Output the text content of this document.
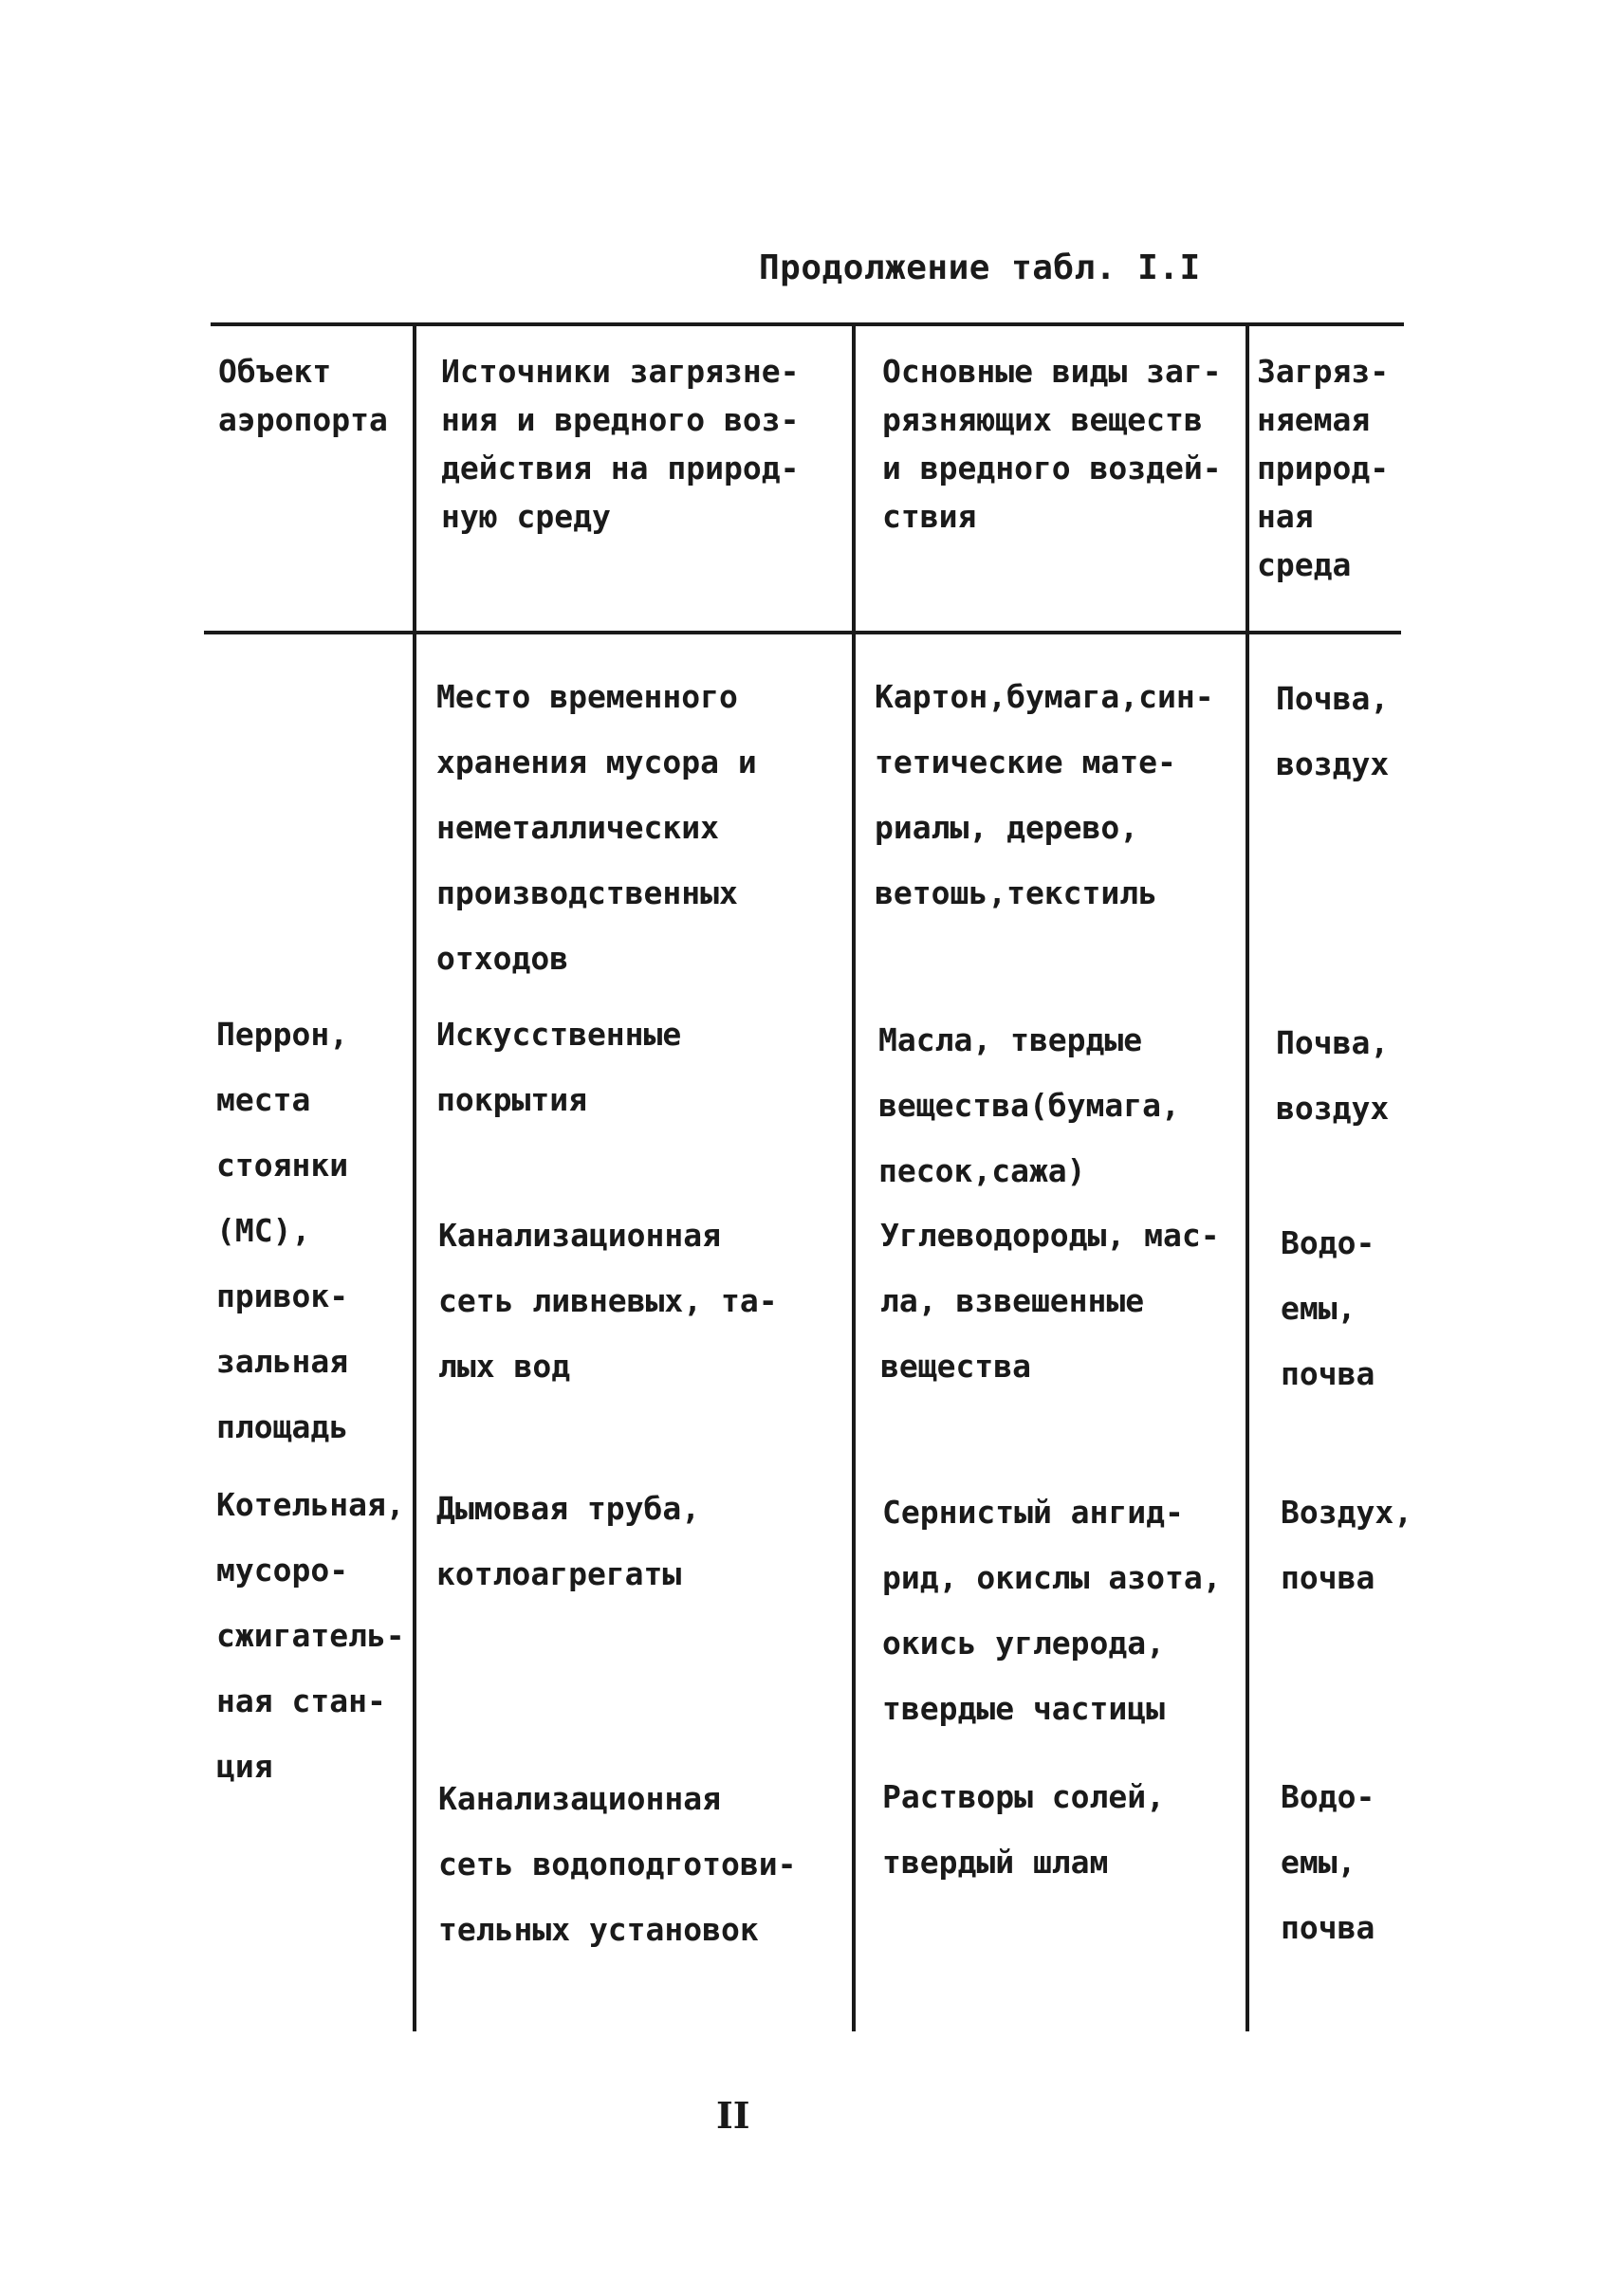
Продолжение табл. I.I
Объект
аэропорта
Источники загрязне-
ния и вредного воз-
действия на природ-
ную среду
Основные виды заг-
рязняющих веществ
и вредного воздей-
ствия
Загряз-
няемая
природ-
ная
среда
Место временного
хранения мусора и
неметаллических
производственных
отходов
Картон,бумага,син-
тетические мате-
риалы, дерево,
ветошь,текстиль
Почва,
воздух
Перрон,
места
стоянки
(МС),
привок-
зальная
площадь
Искусственные
покрытия
Масла, твердые
вещества(бумага,
песок,сажа)
Почва,
воздух
Канализационная
сеть ливневых, та-
лых вод
Углеводороды, мас-
ла, взвешенные
вещества
Водо-
емы,
почва
Котельная,
мусоро-
сжигатель-
ная стан-
ция
Дымовая труба,
котлоагрегаты
Сернистый ангид-
рид, окислы азота,
окись углерода,
твердые частицы
Воздух,
почва
Канализационная
сеть водоподготови-
тельных установок
Растворы солей,
твердый шлам
Водо-
емы,
почва
II
